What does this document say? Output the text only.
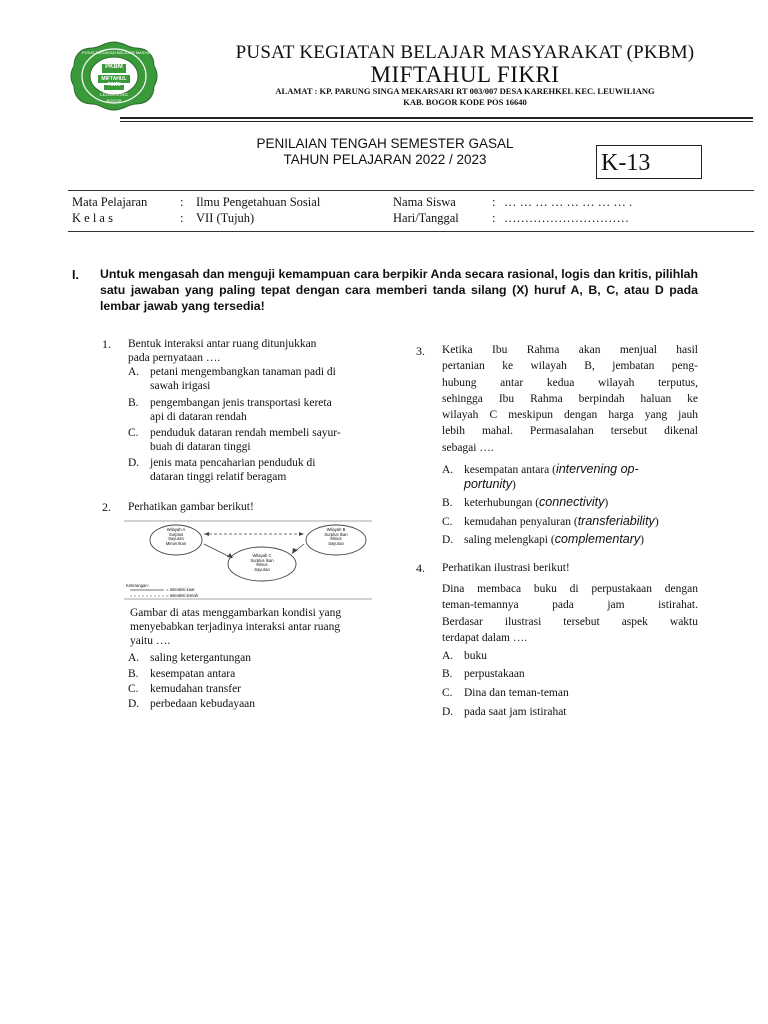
PKBM
MIFTAHUL FIKRI
LEUWILIANG
BOGOR
PUSAT KEGIATAN BELAJAR MASYARAKAT	PUSAT KEGIATAN BELAJAR MASYARAKAT (PKBM)
MIFTAHUL FIKRI
ALAMAT : KP. PARUNG SINGA MEKARSARI RT 003/007 DESA KAREHKEL KEC. LEUWILIANG
KAB. BOGOR KODE POS 16640
PENILAIAN TENGAH SEMESTER GASAL
TAHUN PELAJARAN 2022 / 2023	K-13
Mata Pelajaran	: Ilmu Pengetahuan Sosial
K e l a s	: VII (Tujuh)
Nama Siswa	: … … … … … … … … .
Hari/Tanggal	: …………………………
I. Untuk mengasah dan menguji kemampuan cara berpikir Anda secara rasional, logis dan kritis, pilihlah satu jawaban yang paling tepat dengan cara memberi tanda silang (X) huruf A, B, C, atau D pada lembar jawab yang tersedia!
1. Bentuk interaksi antar ruang ditunjukkan
pada pernyataan ….
A. petani mengembangkan tanaman padi di
sawah irigasi
B. pengembangan jenis transportasi kereta
api di dataran rendah
C. penduduk dataran rendah membeli sayur-
buah di dataran tinggi
D. jenis mata pencaharian penduduk di
dataran tinggi relatif beragam
2. Perhatikan gambar berikut!
Wilayah A
Surplus
Sayuran
Minus Ikan
Wilayah B
Surplus Ikan
Minus
Sayuran
Wilayah C
Surplus Ikan
Minus
Sayuran
Keterangan:
= Interaksi kuat
= Interaksi lemah
Gambar di atas menggambarkan kondisi yang
menyebabkan terjadinya interaksi antar ruang
yaitu ….
A. saling ketergantungan
B. kesempatan antara
C. kemudahan transfer
D. perbedaan kebudayaan
3. Ketika Ibu Rahma akan menjual hasil
pertanian ke wilayah B, jembatan peng-
hubung antar kedua wilayah terputus,
sehingga Ibu Rahma berpindah haluan ke
wilayah C meskipun dengan harga yang jauh
lebih mahal. Permasalahan tersebut dikenal
sebagai ….
A. kesempatan antara (intervening op-
portunity)
B. keterhubungan (connectivity)
C. kemudahan penyaluran (transferiability)
D. saling melengkapi (complementary)
4. Perhatikan ilustrasi berikut!
Dina membaca buku di perpustakaan dengan
teman-temannya pada jam istirahat.
Berdasar ilustrasi tersebut aspek waktu
terdapat dalam ….
A. buku
B. perpustakaan
C. Dina dan teman-teman
D. pada saat jam istirahat
